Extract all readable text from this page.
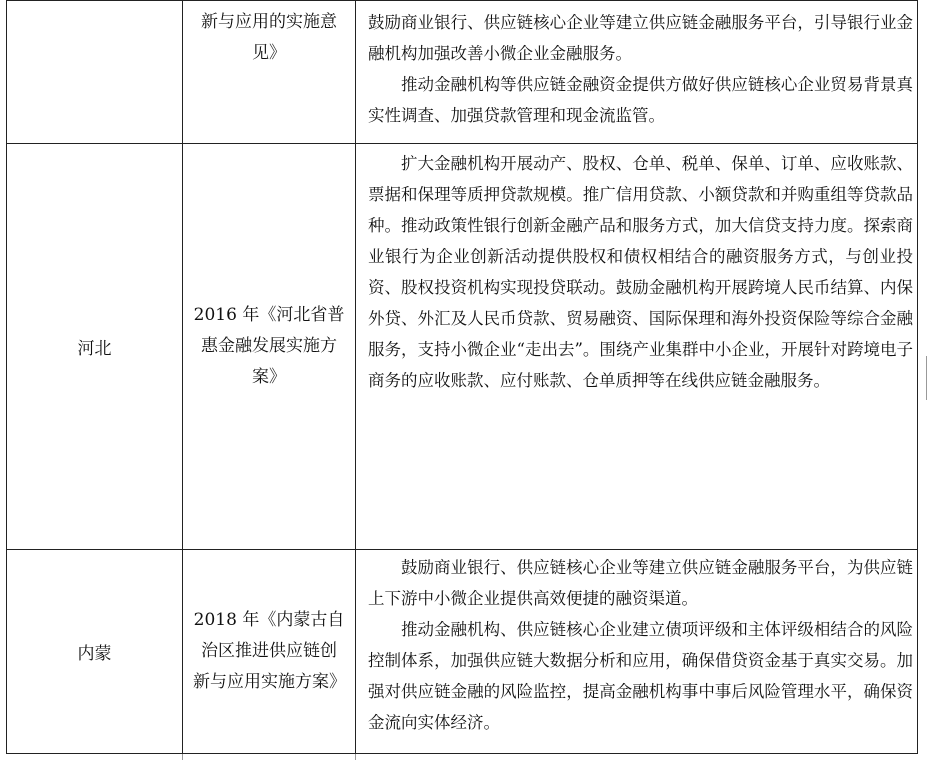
	新与应用的实施意见》	鼓励商业银行、供应链核心企业等建立供应链金融服务平台，引导银行业金融机构加强改善小微企业金融服务。

推动金融机构等供应链金融资金提供方做好供应链核心企业贸易背景真实性调查、加强贷款管理和现金流监管。

河北	2016 年《河北省普惠金融发展实施方案》	扩大金融机构开展动产、股权、仓单、税单、保单、订单、应收账款、票据和保理等质押贷款规模。推广信用贷款、小额贷款和并购重组等贷款品种。推动政策性银行创新金融产品和服务方式，加大信贷支持力度。探索商业银行为企业创新活动提供股权和债权相结合的融资服务方式，与创业投资、股权投资机构实现投贷联动。鼓励金融机构开展跨境人民币结算、内保外贷、外汇及人民币贷款、贸易融资、国际保理和海外投资保险等综合金融服务，支持小微企业“走出去”。围绕产业集群中小企业，开展针对跨境电子商务的应收账款、应付账款、仓单质押等在线供应链金融服务。

内蒙	2018 年《内蒙古自治区推进供应链创新与应用实施方案》	鼓励商业银行、供应链核心企业等建立供应链金融服务平台，为供应链上下游中小微企业提供高效便捷的融资渠道。

推动金融机构、供应链核心企业建立债项评级和主体评级相结合的风险控制体系，加强供应链大数据分析和应用，确保借贷资金基于真实交易。加强对供应链金融的风险监控，提高金融机构事中事后风险管理水平，确保资金流向实体经济。
